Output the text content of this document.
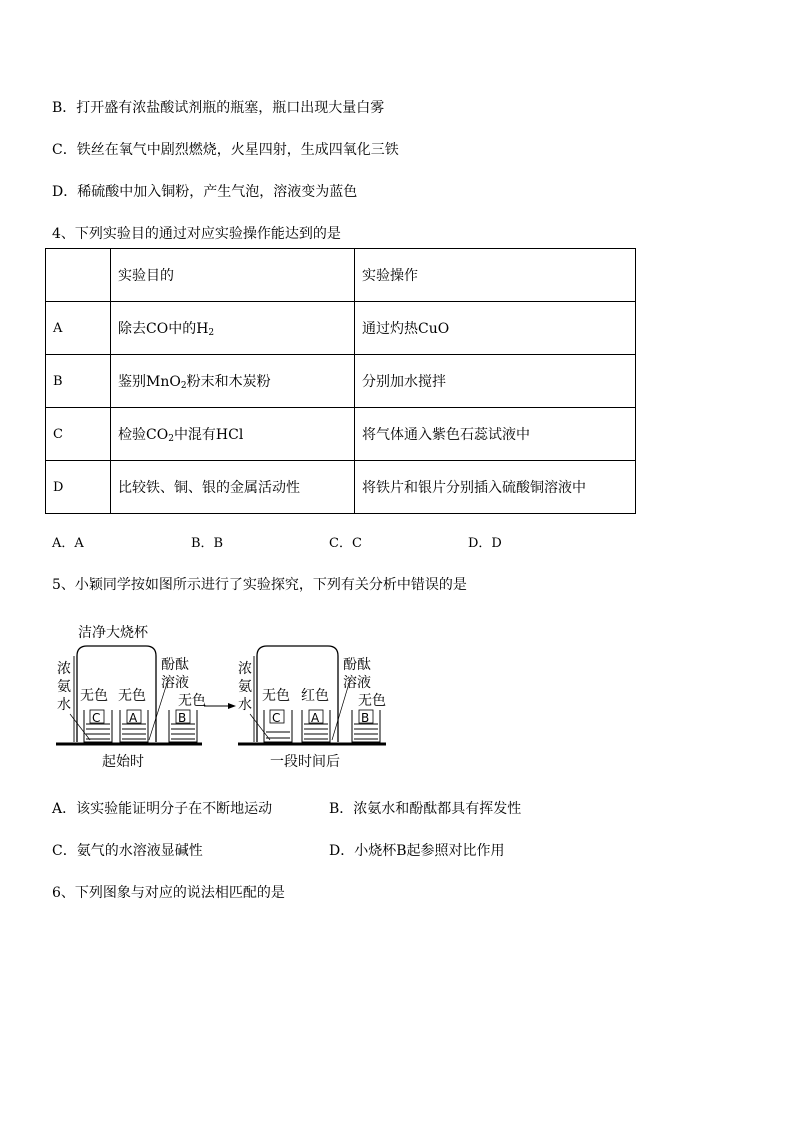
B．打开盛有浓盐酸试剂瓶的瓶塞，瓶口出现大量白雾
C．铁丝在氧气中剧烈燃烧，火星四射，生成四氧化三铁
D．稀硫酸中加入铜粉，产生气泡，溶液变为蓝色
4、下列实验目的通过对应实验操作能达到的是
	实验目的	实验操作
A	除去CO中的$H_2$	通过灼热CuO
B	鉴别MnO$_2$粉末和木炭粉	分别加水搅拌
C	检验$CO_2$中混有HCl	将气体通入紫色石蕊试液中
D	比较铁、铜、银的金属活动性	将铁片和银片分别插入硫酸铜溶液中
A．A	B．B	C．C	D．D
5、小颖同学按如图所示进行了实验探究，下列有关分析中错误的是
洁净大烧杯
无色 无色 无色
C A	B
起始时
无色 红色 无色
C	A	B
一段时间后
浓
氨
水
浓
氨
水
酚酞
溶液
酚酞
溶液
A．该实验能证明分子在不断地运动	B．浓氨水和酚酞都具有挥发性
C．氨气的水溶液显碱性	D．小烧杯B起参照对比作用
6、下列图象与对应的说法相匹配的是
